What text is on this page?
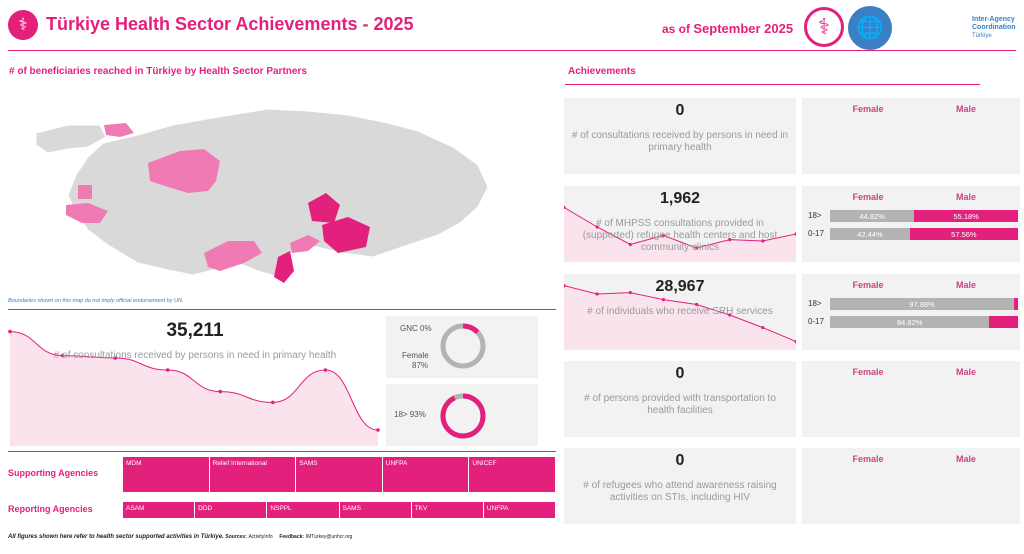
⚕	Türkiye Health Sector Achievements - 2025	as of September 2025	⚕	🌐	Inter-Agency
Coordination
Türkiye
# of beneficiaries reached in Türkiye by Health Sector Partners
Boundaries shown on this map do not imply official endorsement by UN.
35,211
# of consultations received by persons in need in primary health
GNC 0%
Female
87%
18> 93%
Supporting Agencies
MDM	Relief International	SAMS	UNFPA	UNICEF
Reporting Agencies	ASAM	DDD	NSPPL	SAMS	TKV	UNFPA
All figures shown here refer to health sector supported activities in Türkiye. Sources: ActivityInfo Feedback: IMTurkey@unhcr.org
Achievements
0
# of consultations received by persons in need in primary health
Female	Male
1,962
# of MHPSS consultations provided in (supported) refugee health centers and host community clinics
Female	Male
18>	44.82%	55.18%
0-17	42.44%	57.56%
28,967
# of individuals who receive SRH services
Female	Male
18>	97.88%
0-17	84.82%
0
# of persons provided with transportation to health facilities
Female	Male
0
# of refugees who attend awareness raising activities on STIs, including HIV
Female	Male
